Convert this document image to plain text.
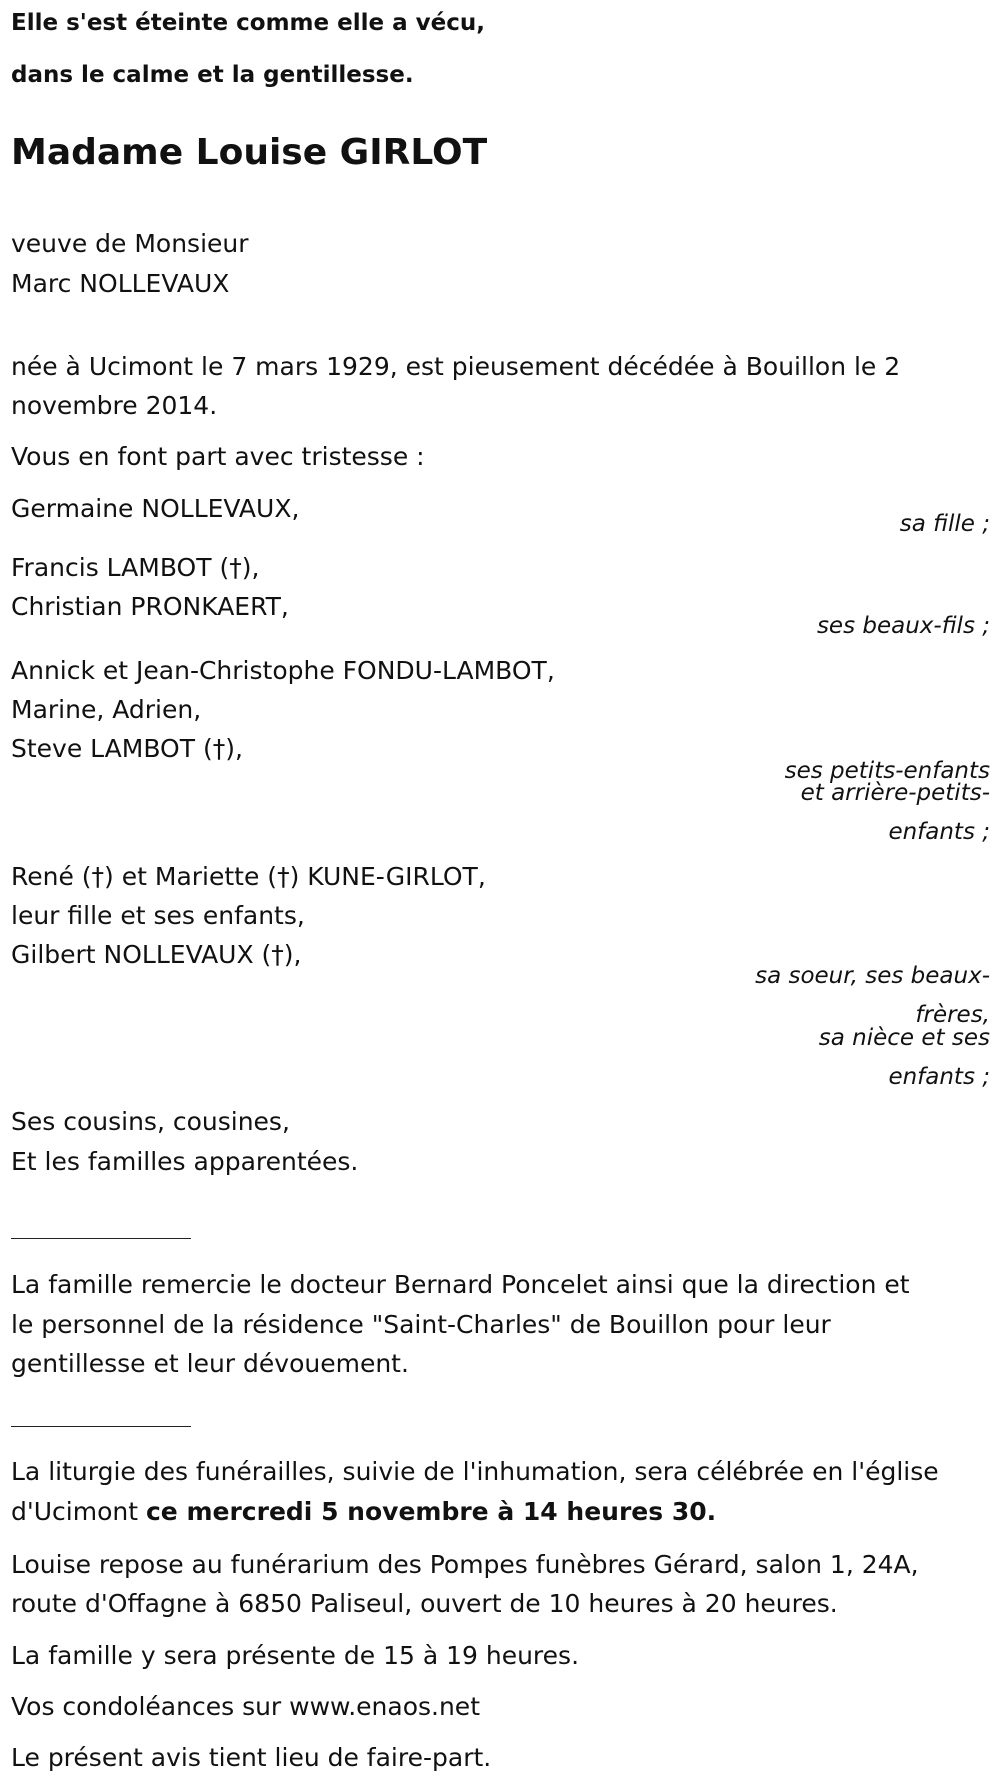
Elle s'est éteinte comme elle a vécu,
dans le calme et la gentillesse.
Madame Louise GIRLOT
veuve de Monsieur
Marc NOLLEVAUX
née à Ucimont le 7 mars 1929, est pieusement décédée à Bouillon le 2
novembre 2014.
Vous en font part avec tristesse :
Germaine NOLLEVAUX,
sa fille ;
Francis LAMBOT (†),
Christian PRONKAERT,
ses beaux-fils ;
Annick et Jean-Christophe FONDU-LAMBOT,
Marine, Adrien,
Steve LAMBOT (†),
ses petits-enfants
et arrière-petits-
enfants ;
René (†) et Mariette (†) KUNE-GIRLOT,
leur fille et ses enfants,
Gilbert NOLLEVAUX (†),
sa soeur, ses beaux-
frères,
sa nièce et ses
enfants ;
Ses cousins, cousines,
Et les familles apparentées.
La famille remercie le docteur Bernard Poncelet ainsi que la direction et
le personnel de la résidence "Saint-Charles" de Bouillon pour leur
gentillesse et leur dévouement.
La liturgie des funérailles, suivie de l'inhumation, sera célébrée en l'église
d'Ucimont ce mercredi 5 novembre à 14 heures 30.
Louise repose au funérarium des Pompes funèbres Gérard, salon 1, 24A,
route d'Offagne à 6850 Paliseul, ouvert de 10 heures à 20 heures.
La famille y sera présente de 15 à 19 heures.
Vos condoléances sur www.enaos.net
Le présent avis tient lieu de faire-part.
